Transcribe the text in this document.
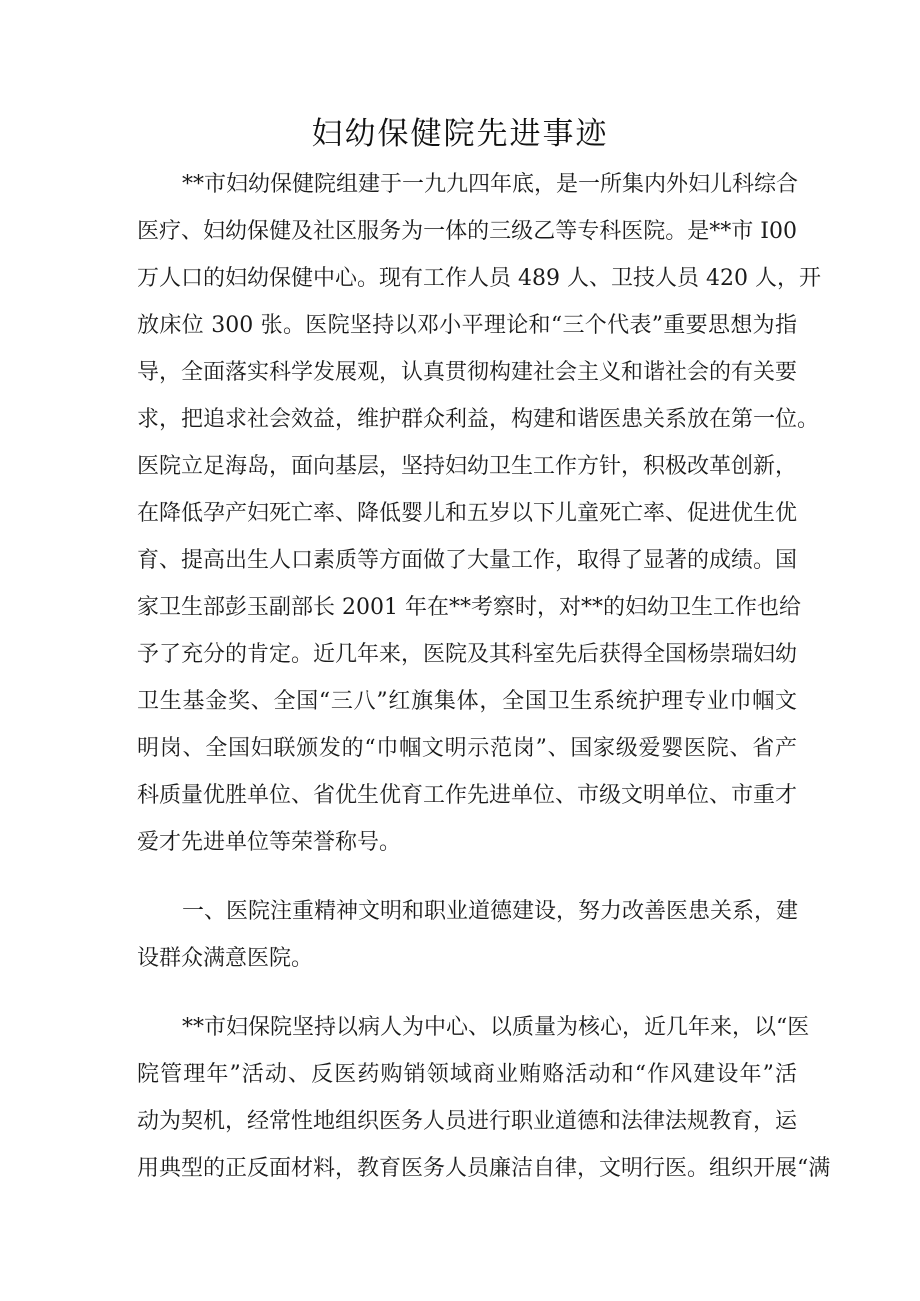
妇幼保健院先进事迹
**市妇幼保健院组建于一九九四年底，是一所集内外妇儿科综合
医疗、妇幼保健及社区服务为一体的三级乙等专科医院。是**市 I00
万人口的妇幼保健中心。现有工作人员 489 人、卫技人员 420 人，开
放床位 300 张。医院坚持以邓小平理论和“三个代表”重要思想为指
导，全面落实科学发展观，认真贯彻构建社会主义和谐社会的有关要
求，把追求社会效益，维护群众利益，构建和谐医患关系放在第一位。
医院立足海岛，面向基层，坚持妇幼卫生工作方针，积极改革创新，
在降低孕产妇死亡率、降低婴儿和五岁以下儿童死亡率、促进优生优
育、提高出生人口素质等方面做了大量工作，取得了显著的成绩。国
家卫生部彭玉副部长 2001 年在**考察时，对**的妇幼卫生工作也给
予了充分的肯定。近几年来，医院及其科室先后获得全国杨崇瑞妇幼
卫生基金奖、全国“三八”红旗集体，全国卫生系统护理专业巾帼文
明岗、全国妇联颁发的“巾帼文明示范岗”、国家级爱婴医院、省产
科质量优胜单位、省优生优育工作先进单位、市级文明单位、市重才
爱才先进单位等荣誉称号。
一、医院注重精神文明和职业道德建设，努力改善医患关系，建
设群众满意医院。
**市妇保院坚持以病人为中心、以质量为核心，近几年来，以“医
院管理年”活动、反医药购销领域商业贿赂活动和“作风建设年”活
动为契机，经常性地组织医务人员进行职业道德和法律法规教育，运
用典型的正反面材料，教育医务人员廉洁自律，文明行医。组织开展“满
